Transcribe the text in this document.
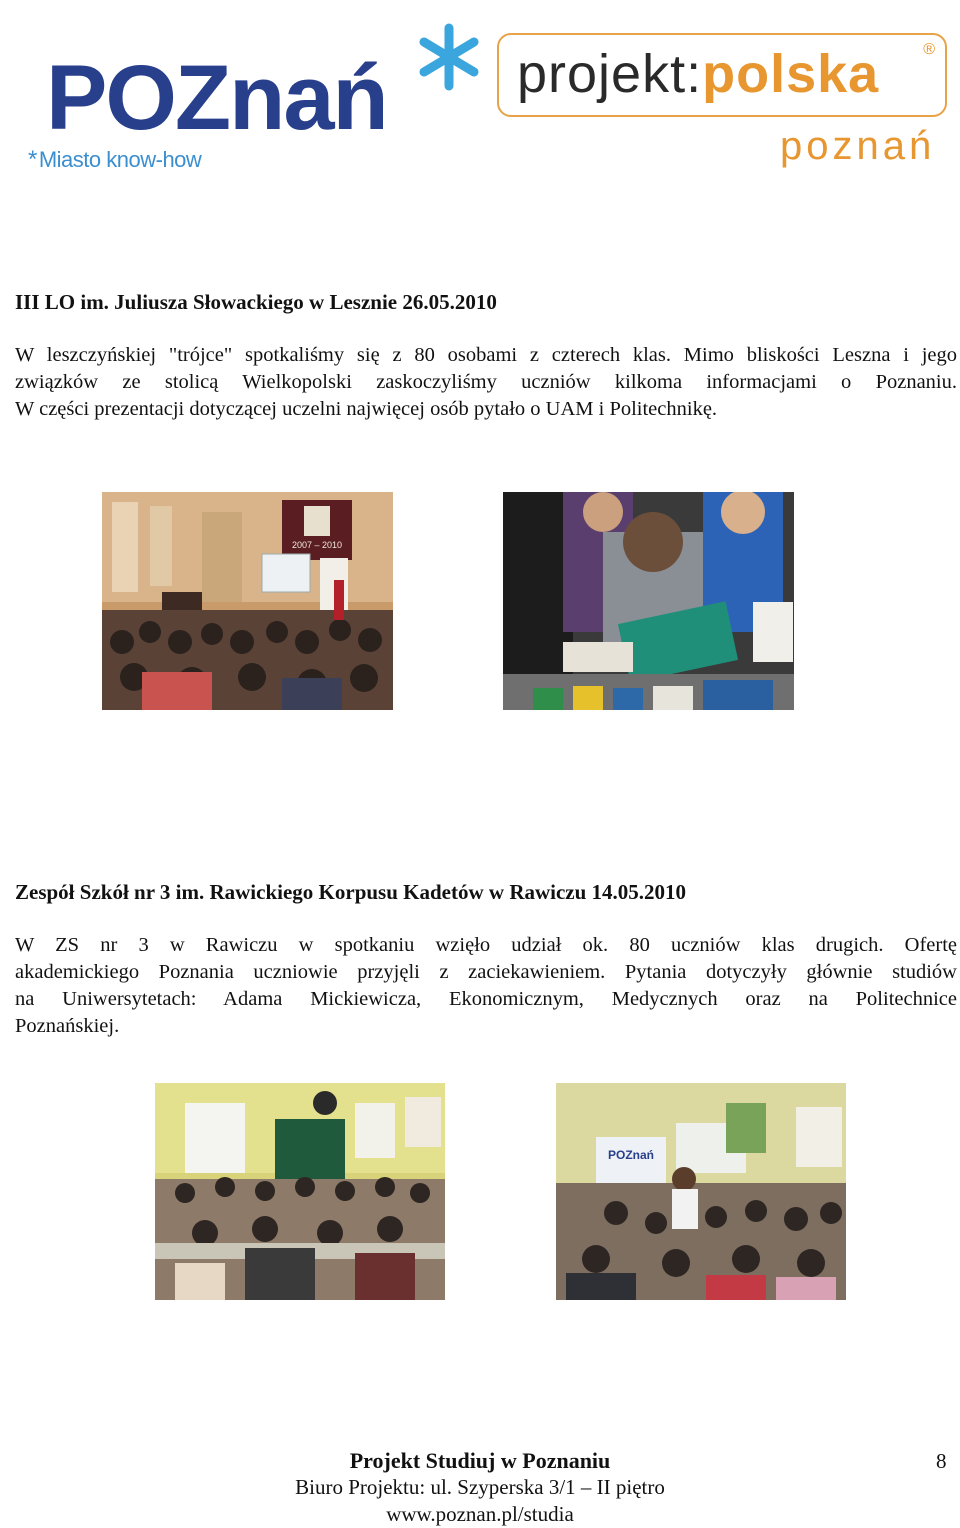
POZnań
*Miasto know-how
projekt:polska	®
poznań
III LO im. Juliusza Słowackiego w Lesznie 26.05.2010
W leszczyńskiej "trójce" spotkaliśmy się z 80 osobami z czterech klas. Mimo bliskości Leszna i jego
związków ze stolicą Wielkopolski zaskoczyliśmy uczniów kilkoma informacjami o Poznaniu.
W części prezentacji dotyczącej uczelni najwięcej osób pytało o UAM i Politechnikę.
2007 – 2010
Zespół Szkół nr 3 im. Rawickiego Korpusu Kadetów w Rawiczu 14.05.2010
W ZS nr 3 w Rawiczu w spotkaniu wzięło udział ok. 80 uczniów klas drugich. Ofertę
akademickiego Poznania uczniowie przyjęli z zaciekawieniem. Pytania dotyczyły głównie studiów
na Uniwersytetach: Adama Mickiewicza, Ekonomicznym, Medycznych oraz na Politechnice
Poznańskiej.
POZnań
Projekt Studiuj w Poznaniu
Biuro Projektu: ul. Szyperska 3/1 – II piętro
www.poznan.pl/studia
8
